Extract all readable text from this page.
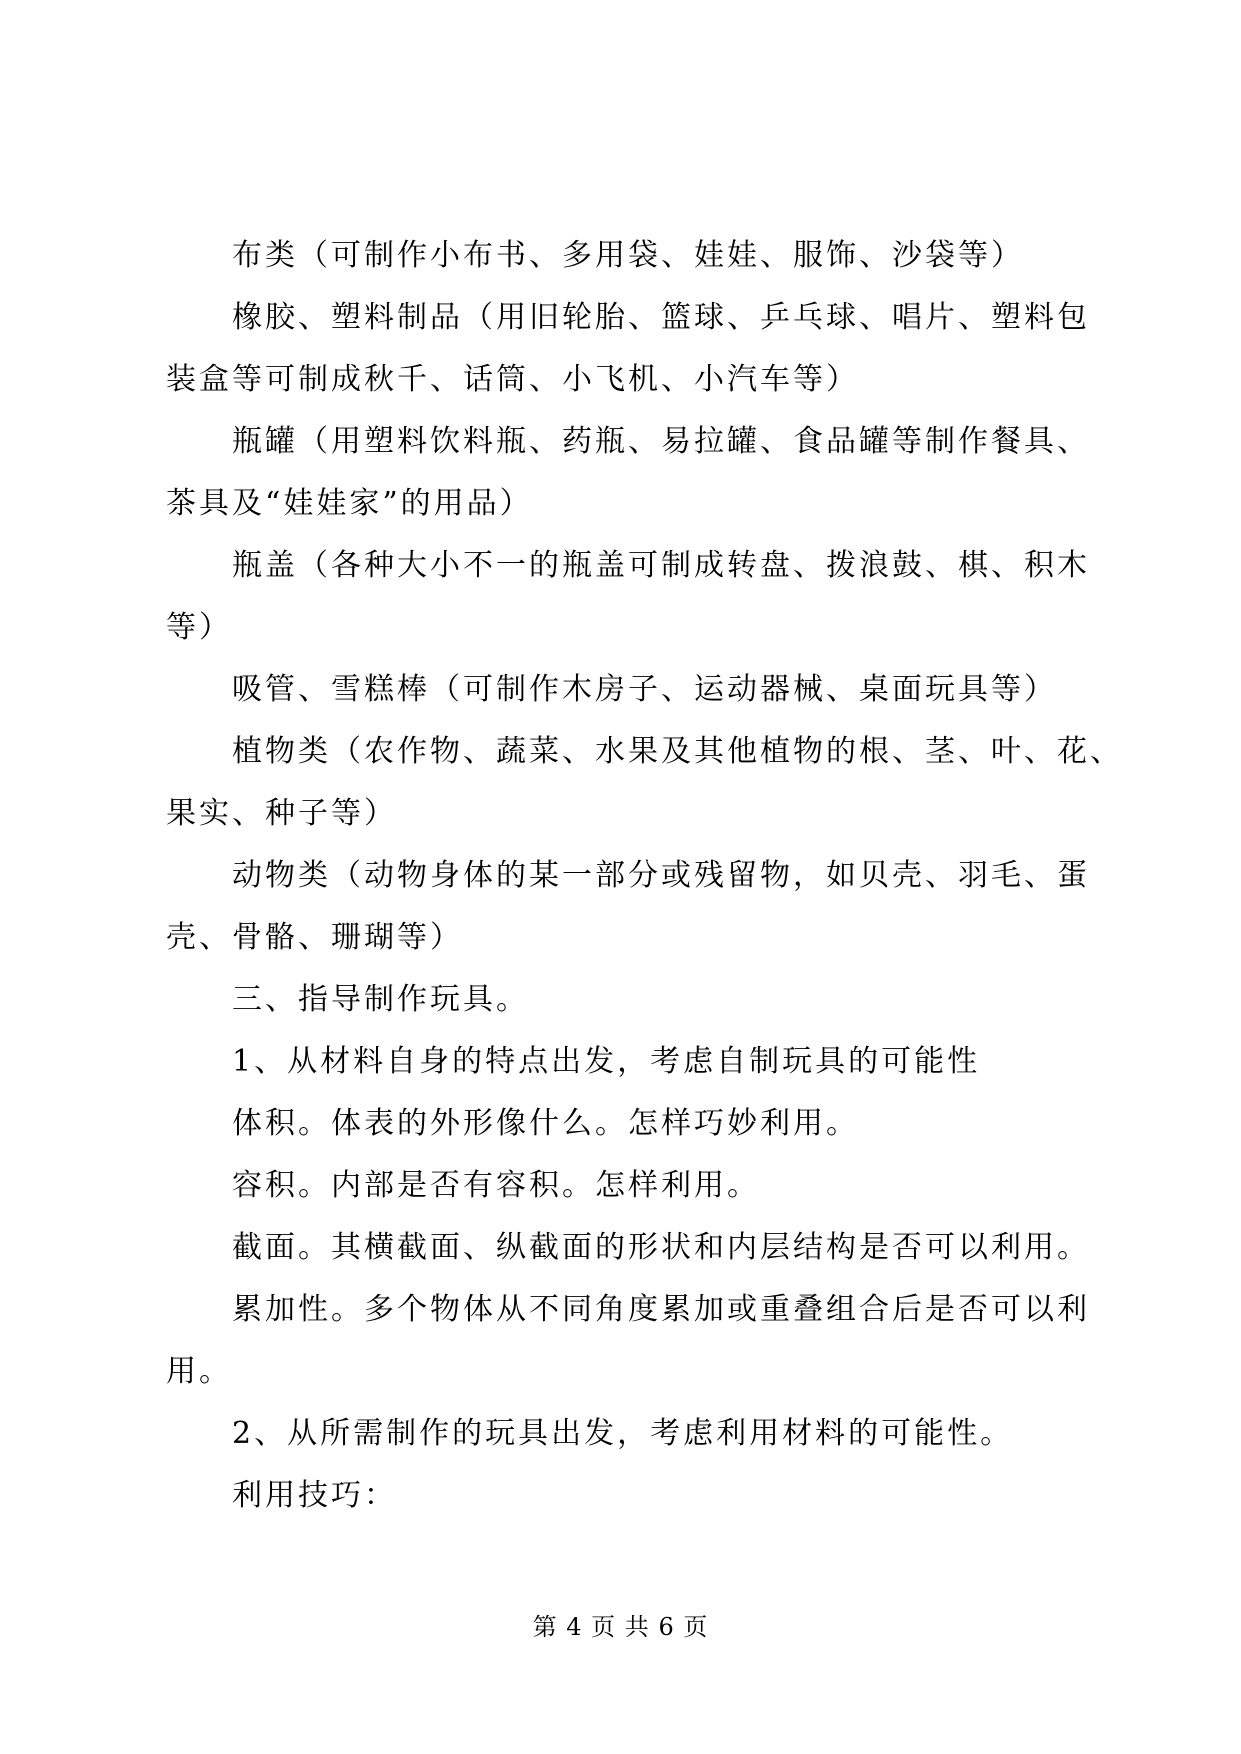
布类（可制作小布书、多用袋、娃娃、服饰、沙袋等）
橡胶、塑料制品（用旧轮胎、篮球、乒乓球、唱片、塑料包
装盒等可制成秋千、话筒、小飞机、小汽车等）
瓶罐（用塑料饮料瓶、药瓶、易拉罐、食品罐等制作餐具、
茶具及“娃娃家”的用品）
瓶盖（各种大小不一的瓶盖可制成转盘、拨浪鼓、棋、积木
等）
吸管、雪糕棒（可制作木房子、运动器械、桌面玩具等）
植物类（农作物、蔬菜、水果及其他植物的根、茎、叶、花、
果实、种子等）
动物类（动物身体的某一部分或残留物，如贝壳、羽毛、蛋
壳、骨骼、珊瑚等）
三、指导制作玩具。
1、从材料自身的特点出发，考虑自制玩具的可能性
体积。体表的外形像什么。怎样巧妙利用。
容积。内部是否有容积。怎样利用。
截面。其横截面、纵截面的形状和内层结构是否可以利用。
累加性。多个物体从不同角度累加或重叠组合后是否可以利
用。
2、从所需制作的玩具出发，考虑利用材料的可能性。
利用技巧：
第 4 页 共 6 页
